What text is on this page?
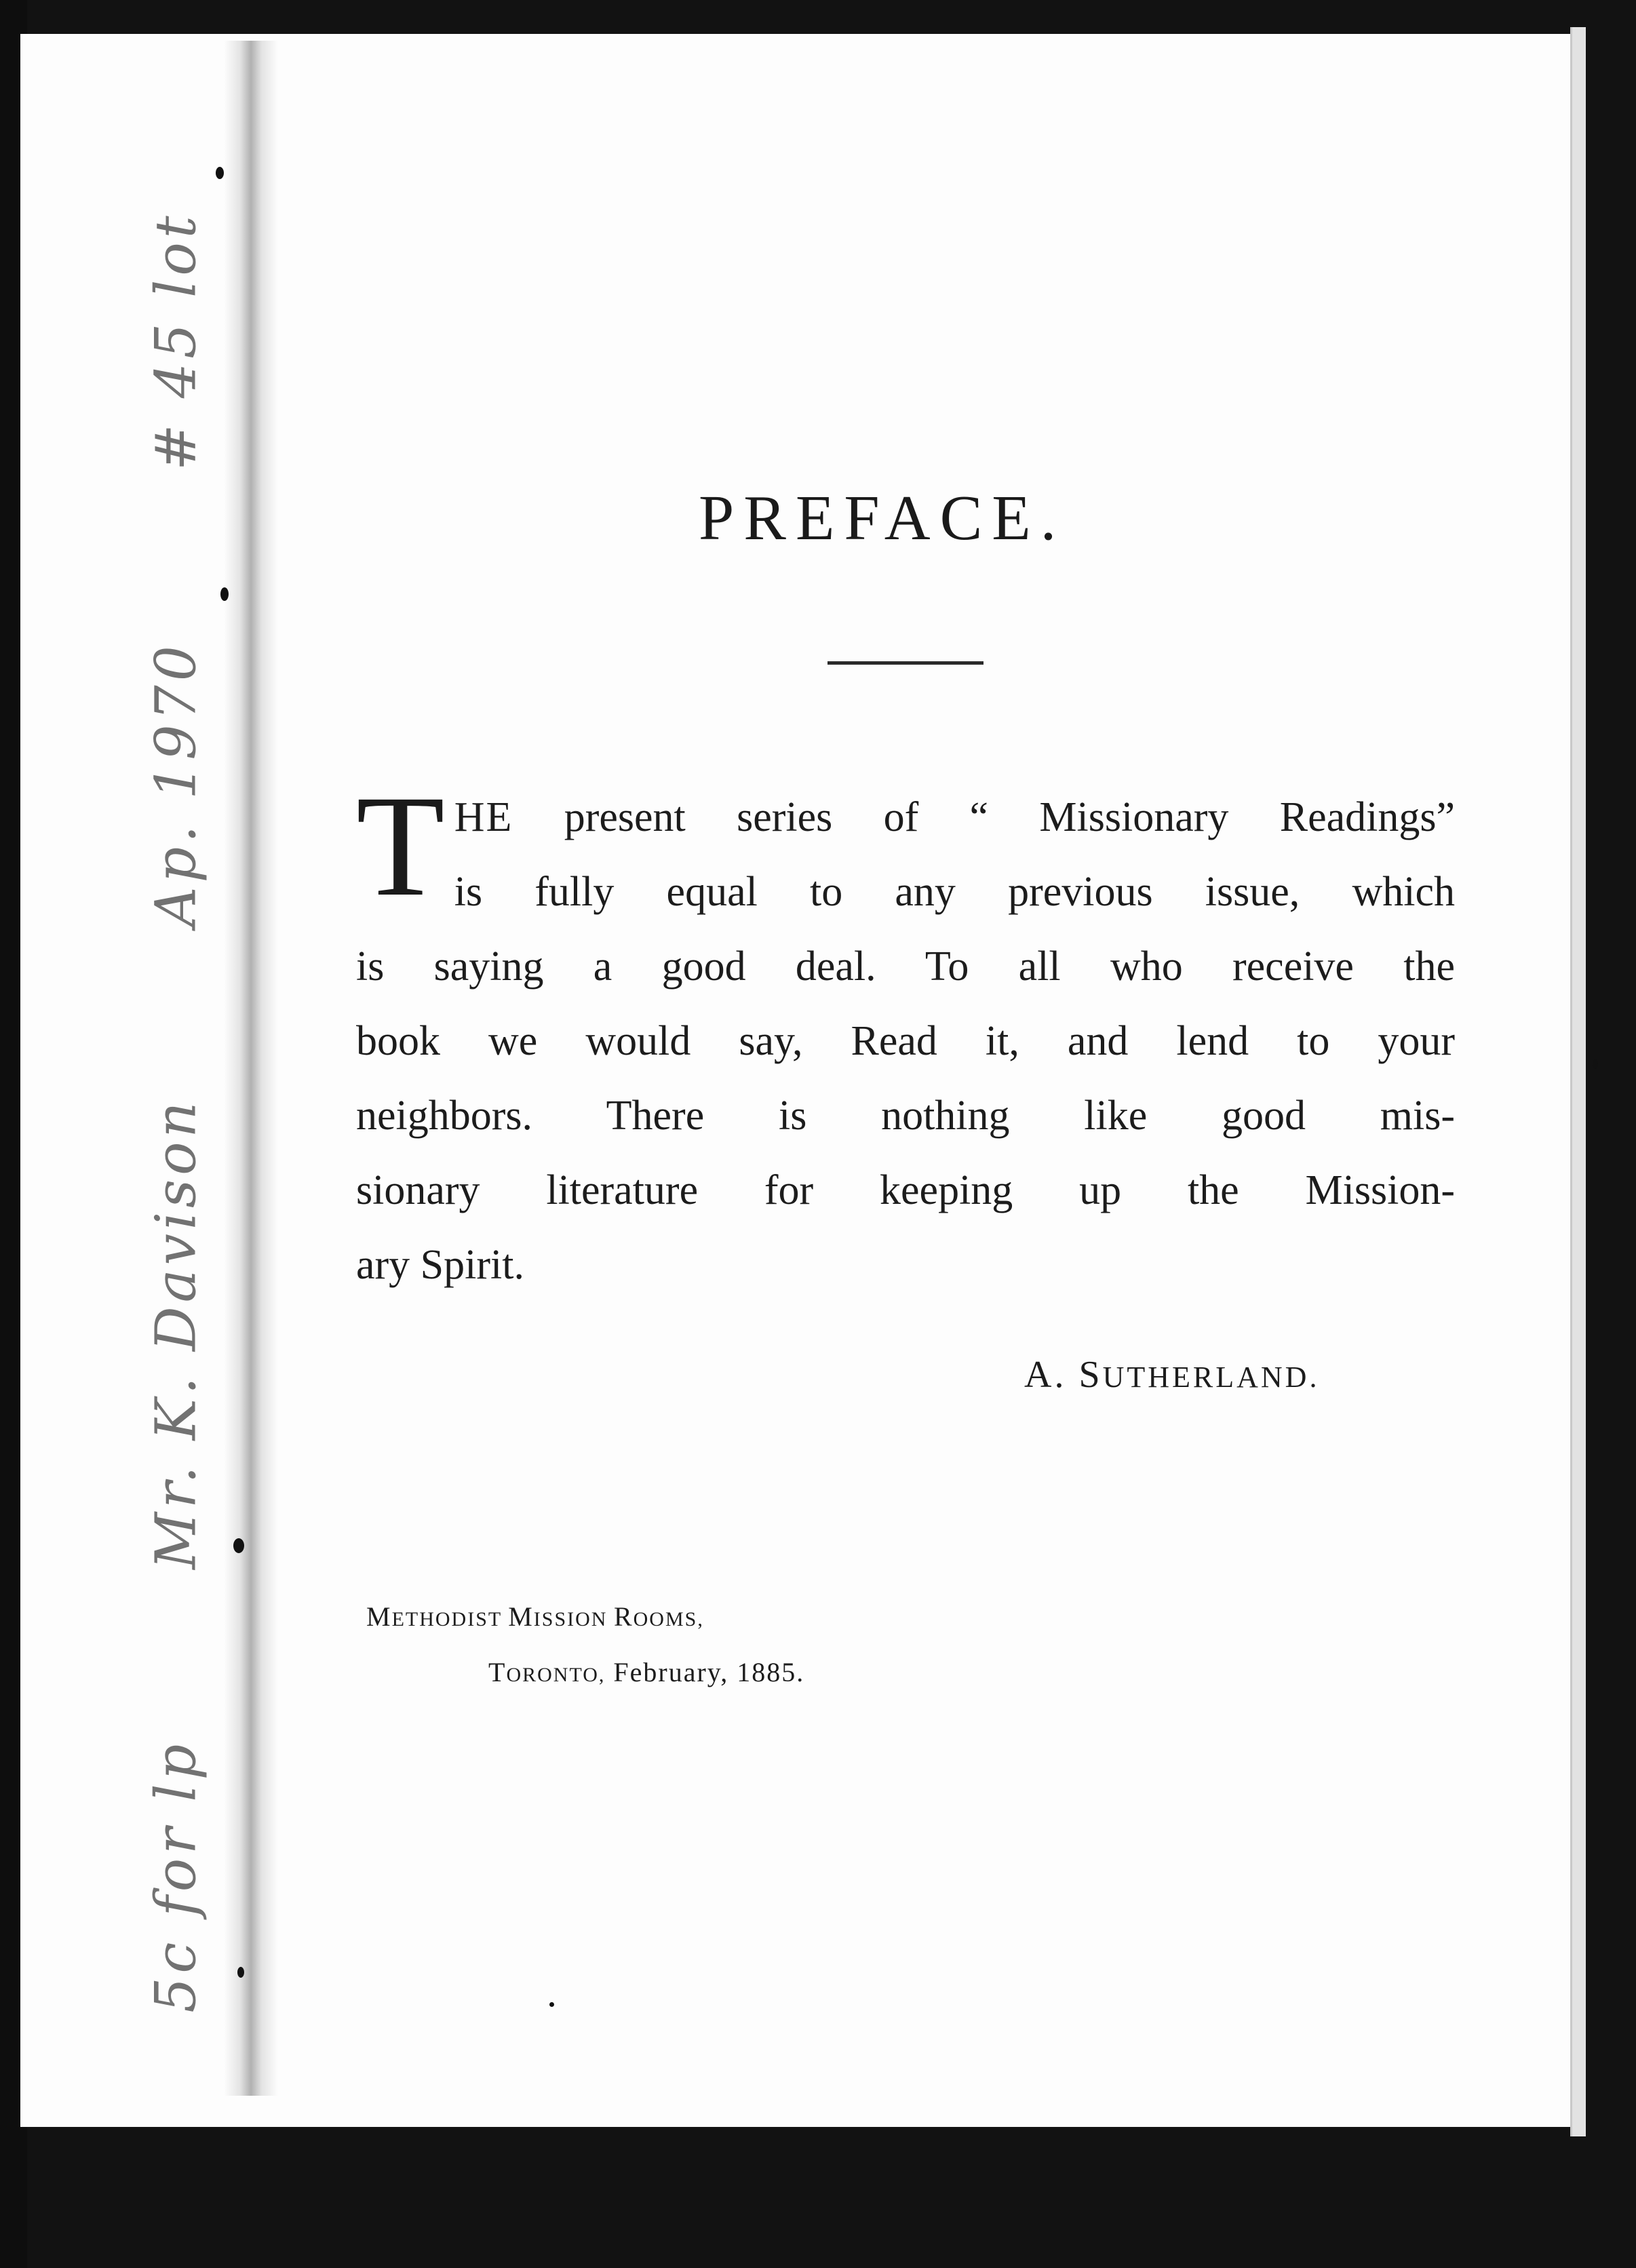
5c for lp Mr. K. Davison Ap. 1970 # 45 lot
PREFACE.
T HE present series of “ Missionary Readings”
is fully equal to any previous issue, which
is saying a good deal. To all who receive the
book we would say, Read it, and lend to your
neighbors. There is nothing like good mis-
sionary literature for keeping up the Mission-
ary Spirit.
A. SUTHERLAND.
METHODIST MISSION ROOMS,
TORONTO, February, 1885.
